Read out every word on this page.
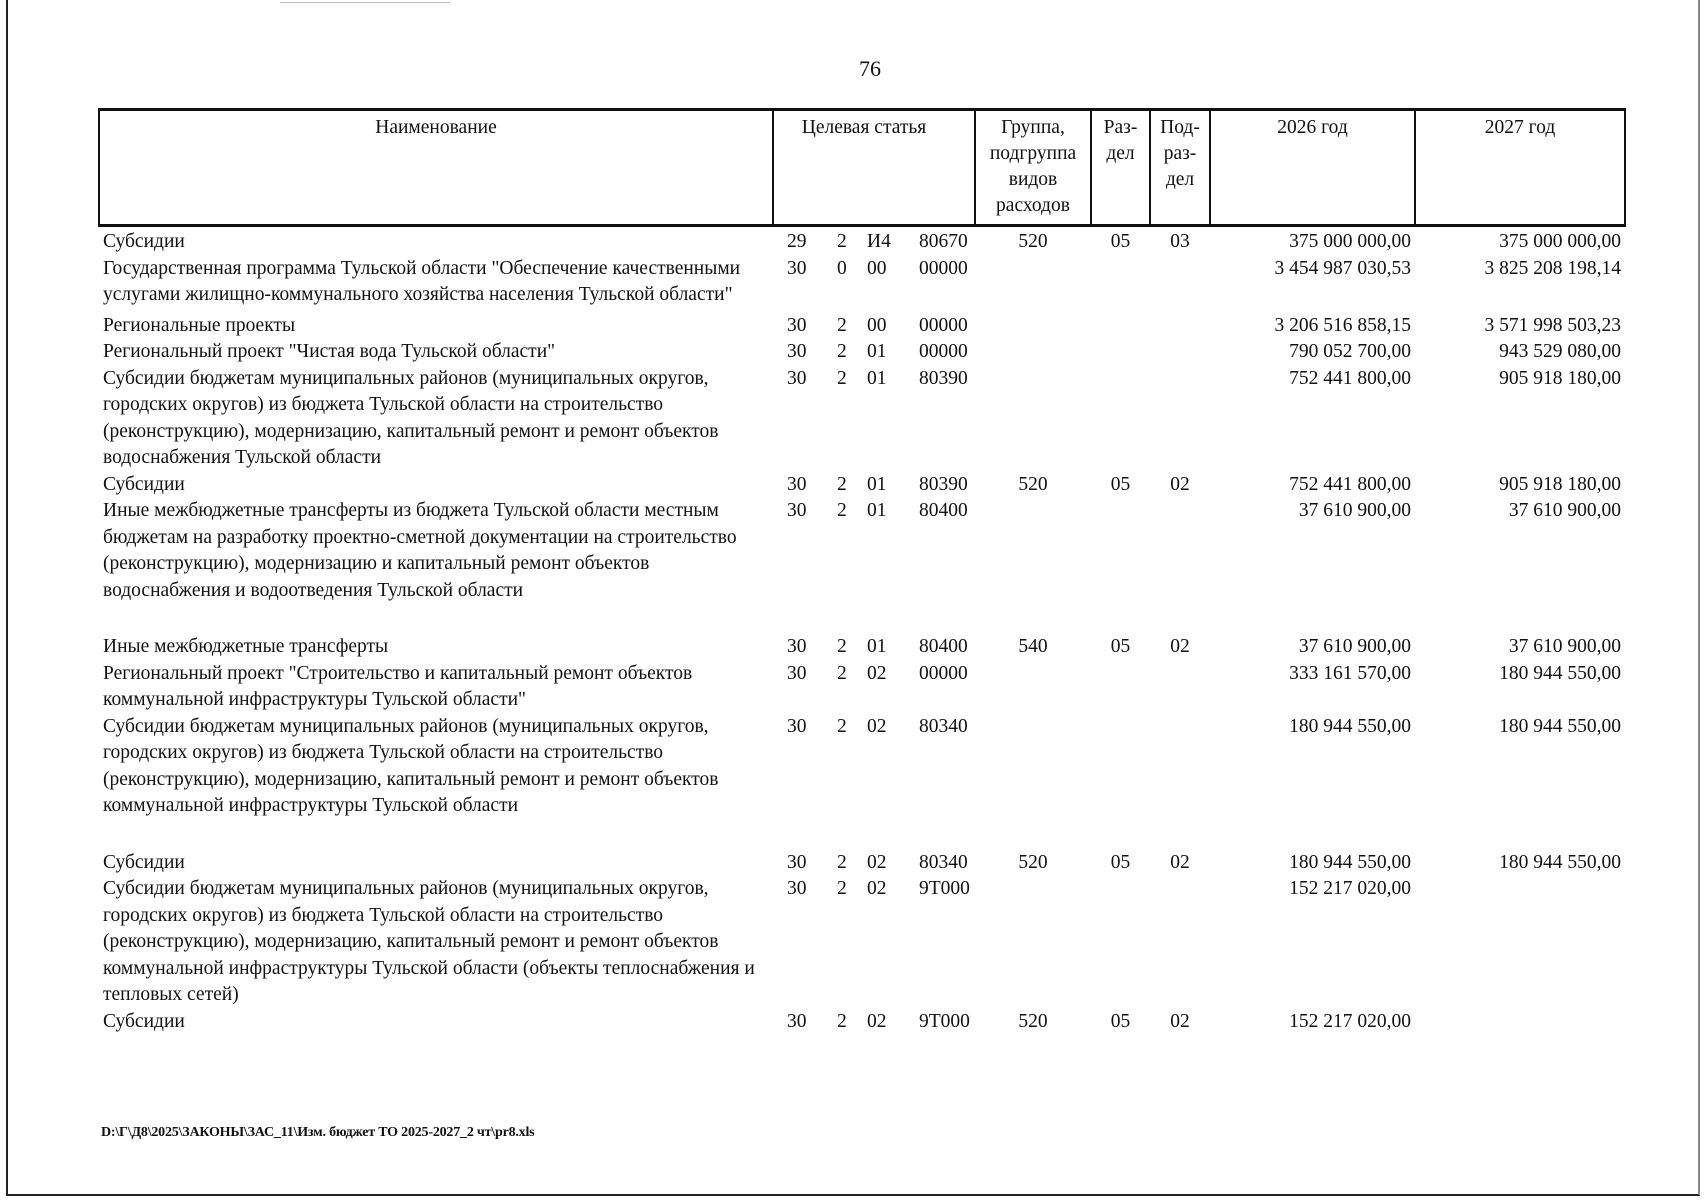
76
Наименование	Целевая статья				Группа, подгруппа видов расходов	Раз-дел	Под-раз-дел	2026 год	2027 год
Субсидии	29	2	И4	80670	520	05	03	375 000 000,00	375 000 000,00
Государственная программа Тульской области "Обеспечение качественными услугами жилищно-коммунального хозяйства населения Тульской области"	30	0	00	00000				3 454 987 030,53	3 825 208 198,14
Региональные проекты	30	2	00	00000				3 206 516 858,15	3 571 998 503,23
Региональный проект "Чистая вода Тульской области"	30	2	01	00000				790 052 700,00	943 529 080,00
Субсидии бюджетам муниципальных районов (муниципальных округов, городских округов) из бюджета Тульской области на строительство (реконструкцию), модернизацию, капитальный ремонт и ремонт объектов водоснабжения Тульской области	30	2	01	80390				752 441 800,00	905 918 180,00
Субсидии	30	2	01	80390	520	05	02	752 441 800,00	905 918 180,00
Иные межбюджетные трансферты из бюджета Тульской области местным бюджетам на разработку проектно-сметной документации на строительство (реконструкцию), модернизацию и капитальный ремонт объектов водоснабжения и водоотведения Тульской области	30	2	01	80400				37 610 900,00	37 610 900,00
Иные межбюджетные трансферты	30	2	01	80400	540	05	02	37 610 900,00	37 610 900,00
Региональный проект "Строительство и капитальный ремонт объектов коммунальной инфраструктуры Тульской области"	30	2	02	00000				333 161 570,00	180 944 550,00
Субсидии бюджетам муниципальных районов (муниципальных округов, городских округов) из бюджета Тульской области на строительство (реконструкцию), модернизацию, капитальный ремонт и ремонт объектов коммунальной инфраструктуры Тульской области	30	2	02	80340				180 944 550,00	180 944 550,00
Субсидии	30	2	02	80340	520	05	02	180 944 550,00	180 944 550,00
Субсидии бюджетам муниципальных районов (муниципальных округов, городских округов) из бюджета Тульской области на строительство (реконструкцию), модернизацию, капитальный ремонт и ремонт объектов коммунальной инфраструктуры Тульской области (объекты теплоснабжения и тепловых сетей)	30	2	02	9Т000				152 217 020,00	
Субсидии	30	2	02	9Т000	520	05	02	152 217 020,00	
D:\Г\Д8\2025\ЗАКОНЫ\ЗАС_11\Изм. бюджет ТО 2025-2027_2 чт\pr8.xls
